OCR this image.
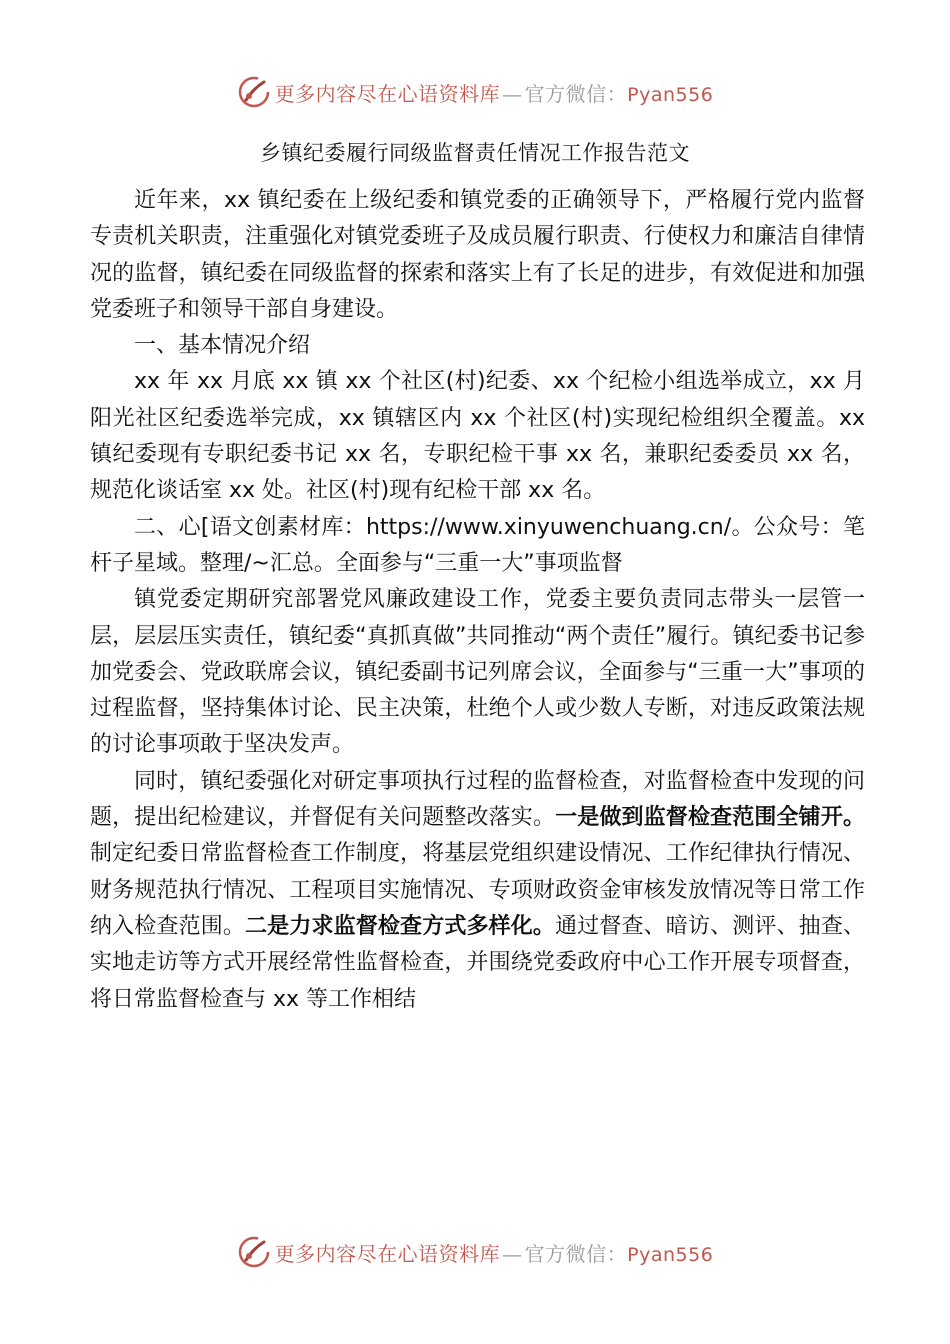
更多内容尽在心语资料库 — 官方微信：Pyan556
乡镇纪委履行同级监督责任情况工作报告范文

近年来，xx 镇纪委在上级纪委和镇党委的正确领导下，严格履行党内监督专责机关职责，注重强化对镇党委班子及成员履行职责、行使权力和廉洁自律情况的监督，镇纪委在同级监督的探索和落实上有了长足的进步，有效促进和加强党委班子和领导干部自身建设。

一、基本情况介绍

xx 年 xx 月底 xx 镇 xx 个社区(村)纪委、xx 个纪检小组选举成立，xx 月阳光社区纪委选举完成，xx 镇辖区内 xx 个社区(村)实现纪检组织全覆盖。xx 镇纪委现有专职纪委书记 xx 名，专职纪检干事 xx 名，兼职纪委委员 xx 名，规范化谈话室 xx 处。社区(村)现有纪检干部 xx 名。

二、心[语文创素材库：https://www.xinyuwenchuang.cn/。公众号：笔杆子星域。整理/~汇总。全面参与“三重一大”事项监督

镇党委定期研究部署党风廉政建设工作，党委主要负责同志带头一层管一层，层层压实责任，镇纪委“真抓真做”共同推动“两个责任”履行。镇纪委书记参加党委会、党政联席会议，镇纪委副书记列席会议，全面参与“三重一大”事项的过程监督，坚持集体讨论、民主决策，杜绝个人或少数人专断，对违反政策法规的讨论事项敢于坚决发声。

同时，镇纪委强化对研定事项执行过程的监督检查，对监督检查中发现的问题，提出纪检建议，并督促有关问题整改落实。一是做到监督检查范围全铺开。制定纪委日常监督检查工作制度，将基层党组织建设情况、工作纪律执行情况、财务规范执行情况、工程项目实施情况、专项财政资金审核发放情况等日常工作纳入检查范围。二是力求监督检查方式多样化。通过督查、暗访、测评、抽查、实地走访等方式开展经常性监督检查，并围绕党委政府中心工作开展专项督查，将日常监督检查与 xx 等工作相结

更多内容尽在心语资料库 — 官方微信：Pyan556
